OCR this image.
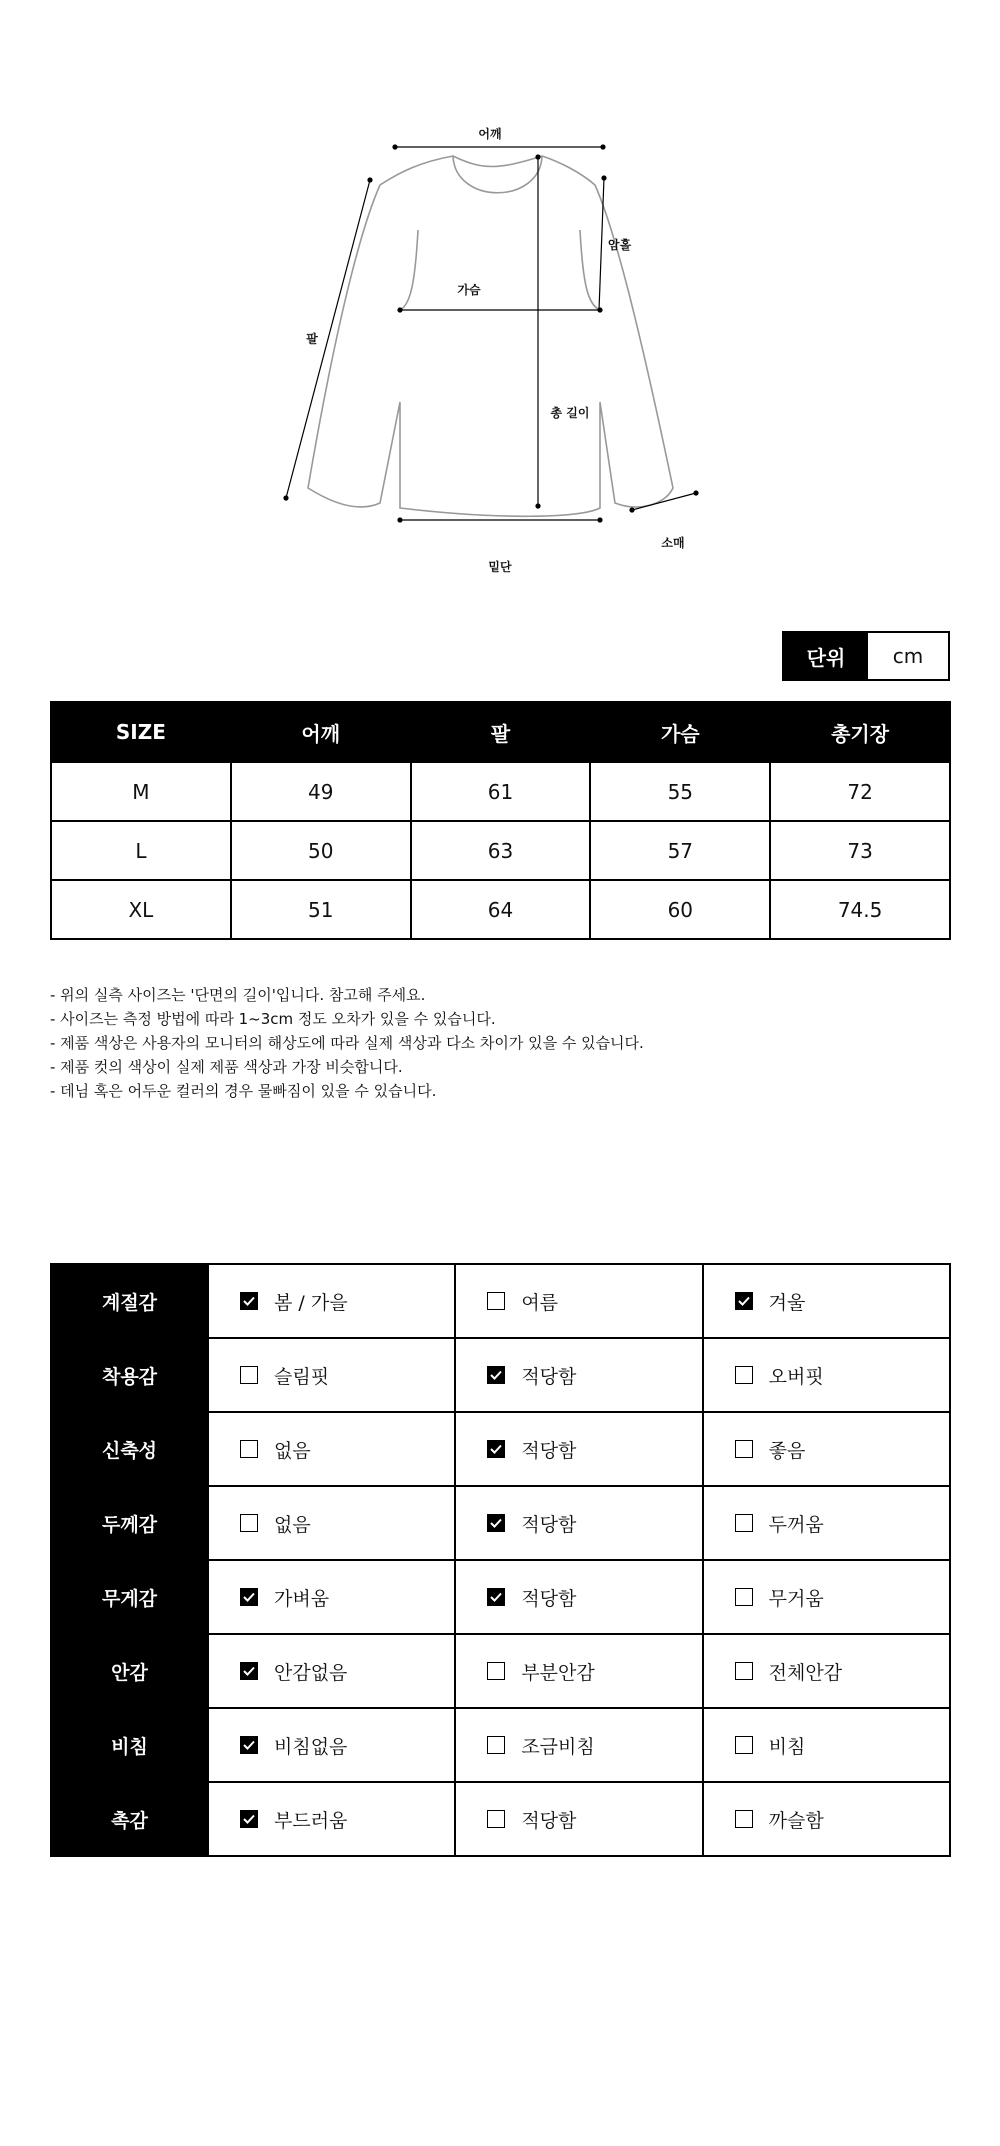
어깨
암홀
가슴
팔
총 길이
밑단
소매
단위	cm
SIZE	어깨	팔	가슴	총기장
M	49	61	55	72
L	50	63	57	73
XL	51	64	60	74.5
- 위의 실측 사이즈는 '단면의 길이'입니다. 참고해 주세요.
- 사이즈는 측정 방법에 따라 1~3cm 정도 오차가 있을 수 있습니다.
- 제품 색상은 사용자의 모니터의 해상도에 따라 실제 색상과 다소 차이가 있을 수 있습니다.
- 제품 컷의 색상이 실제 제품 색상과 가장 비슷합니다.
- 데님 혹은 어두운 컬러의 경우 물빠짐이 있을 수 있습니다.
계절감	봄 / 가을	여름	겨울

착용감	슬림핏	적당함	오버핏

신축성	없음	적당함	좋음

두께감	없음	적당함	두꺼움

무게감	가벼움	적당함	무거움

안감	안감없음	부분안감	전체안감

비침	비침없음	조금비침	비침

촉감	부드러움	적당함	까슬함
